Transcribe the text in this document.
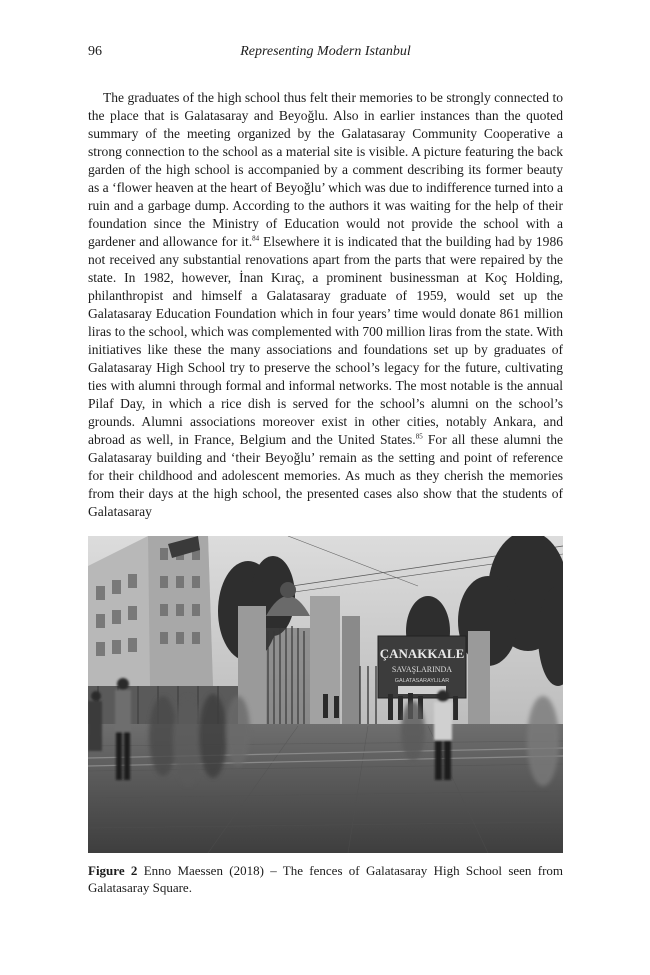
96	Representing Modern Istanbul

The graduates of the high school thus felt their memories to be strongly connected to the place that is Galatasaray and Beyoğlu. Also in earlier instances than the quoted summary of the meeting organized by the Galatasaray Community Cooperative a strong connection to the school as a material site is visible. A picture featuring the back garden of the high school is accompanied by a comment describing its former beauty as a ‘flower heaven at the heart of Beyoğlu’ which was due to indifference turned into a ruin and a garbage dump. According to the authors it was waiting for the help of their foundation since the Ministry of Education would not provide the school with a gardener and allowance for it.$^{84}$ Elsewhere it is indicated that the building had by 1986 not received any substantial renovations apart from the parts that were repaired by the state. In 1982, however, İnan Kıraç, a prominent businessman at Koç Holding, philanthropist and himself a Galatasaray graduate of 1959, would set up the Galatasaray Education Foundation which in four years’ time would donate 861 million liras to the school, which was complemented with 700 million liras from the state. With initiatives like these the many associations and foundations set up by graduates of Galatasaray High School try to preserve the school’s legacy for the future, cultivating ties with alumni through formal and informal networks. The most notable is the annual Pilaf Day, in which a rice dish is served for the school’s alumni on the school’s grounds. Alumni associations moreover exist in other cities, notably Ankara, and abroad as well, in France, Belgium and the United States.$^{85}$ For all these alumni the Galatasaray building and ‘their Beyoğlu’ remain as the setting and point of reference for their childhood and adolescent memories. As much as they cherish the memories from their days at the high school, the presented cases also show that the students of Galatasaray

ÇANAKKALE
SAVAŞLARINDA
GALATASARAYLILAR
Figure 2 Enno Maessen (2018) – The fences of Galatasaray High School seen from Galatasaray Square.
